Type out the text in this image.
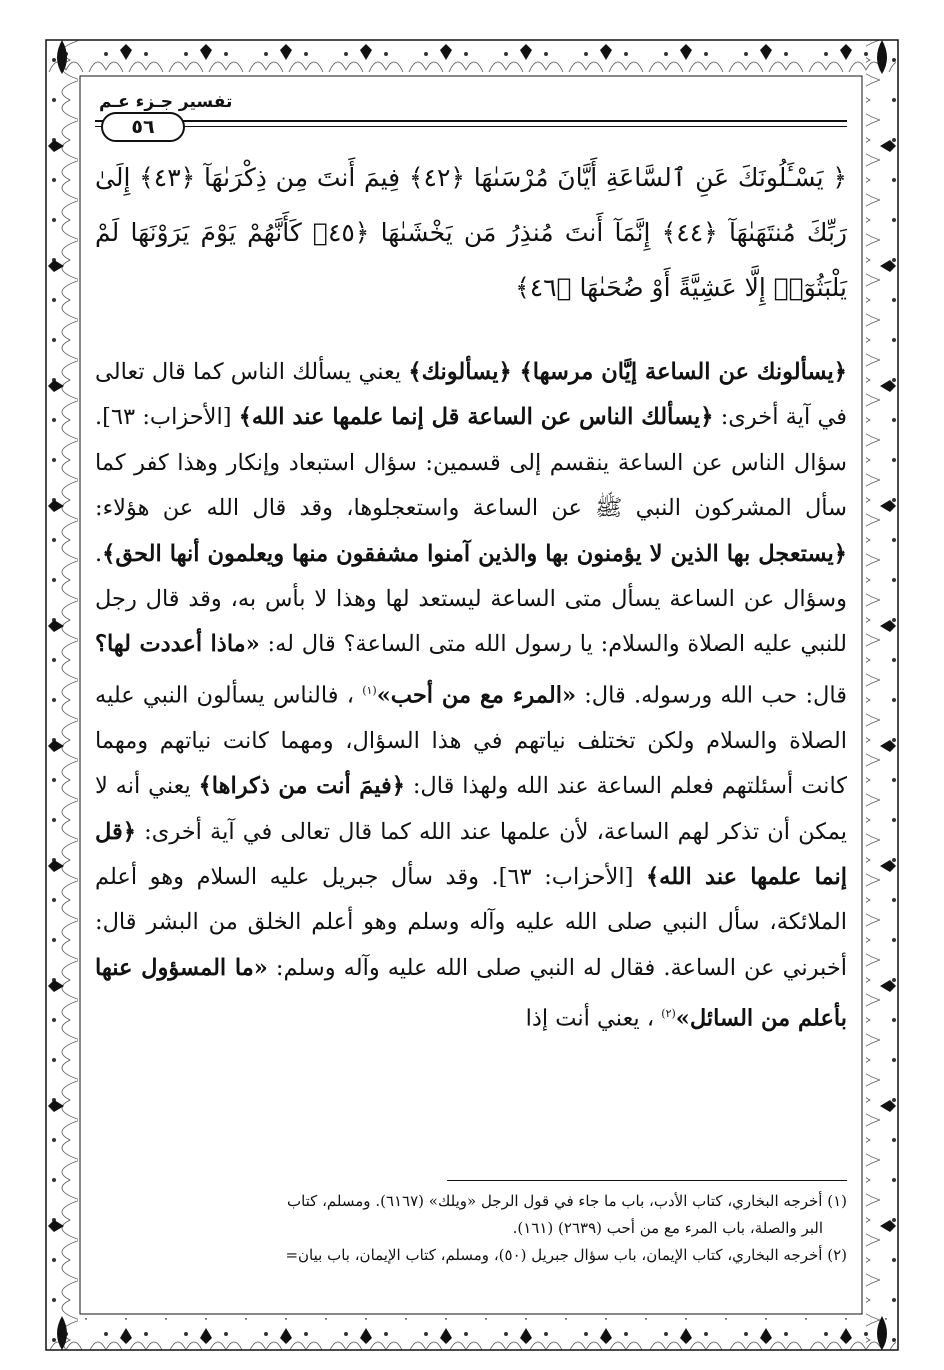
تفسير جـزء عـم
٥٦
﴿ يَسْـَٔلُونَكَ عَنِ ٱلسَّاعَةِ أَيَّانَ مُرْسَىٰهَا ﴿٤٢﴾ فِيمَ أَنتَ مِن ذِكْرَىٰهَآ ﴿٤٣﴾ إِلَىٰ رَبِّكَ مُنتَهَىٰهَآ ﴿٤٤﴾ إِنَّمَآ أَنتَ مُنذِرُ مَن يَخْشَىٰهَا ﴿٤٥﴾ كَأَنَّهُمْ يَوْمَ يَرَوْنَهَا لَمْ يَلْبَثُوٓا۟ إِلَّا عَشِيَّةً أَوْ ضُحَىٰهَا ﴿٤٦﴾
﴿يسألونك عن الساعة إيَّان مرسها﴾ ﴿يسألونك﴾ يعني يسألك الناس كما قال تعالى في آية أخرى: ﴿يسألك الناس عن الساعة قل إنما علمها عند الله﴾ [الأحزاب: ٦٣]. سؤال الناس عن الساعة ينقسم إلى قسمين: سؤال استبعاد وإنكار وهذا كفر كما سأل المشركون النبي ﷺ عن الساعة واستعجلوها، وقد قال الله عن هؤلاء: ﴿يستعجل بها الذين لا يؤمنون بها والذين آمنوا مشفقون منها ويعلمون أنها الحق﴾. وسؤال عن الساعة يسأل متى الساعة ليستعد لها وهذا لا بأس به، وقد قال رجل للنبي عليه الصلاة والسلام: يا رسول الله متى الساعة؟ قال له: «ماذا أعددت لها؟ قال: حب الله ورسوله. قال: «المرء مع من أحب»$^{(١)}$ ، فالناس يسألون النبي عليه الصلاة والسلام ولكن تختلف نياتهم في هذا السؤال، ومهما كانت نياتهم ومهما كانت أسئلتهم فعلم الساعة عند الله ولهذا قال: ﴿فيمَ أنت من ذكراها﴾ يعني أنه لا يمكن أن تذكر لهم الساعة، لأن علمها عند الله كما قال تعالى في آية أخرى: ﴿قل إنما علمها عند الله﴾ [الأحزاب: ٦٣]. وقد سأل جبريل عليه السلام وهو أعلم الملائكة، سأل النبي صلى الله عليه وآله وسلم وهو أعلم الخلق من البشر قال: أخبرني عن الساعة. فقال له النبي صلى الله عليه وآله وسلم: «ما المسؤول عنها بأعلم من السائل»$^{(٢)}$ ، يعني أنت إذا

(١) أخرجه البخاري، كتاب الأدب، باب ما جاء في قول الرجل «ويلك» (٦١٦٧). ومسلم، كتاب

البر والصلة، باب المرء مع من أحب (٢٦٣٩) (١٦١).

(٢) أخرجه البخاري، كتاب الإيمان، باب سؤال جبريل (٥٠)، ومسلم، كتاب الإيمان، باب بيان=
